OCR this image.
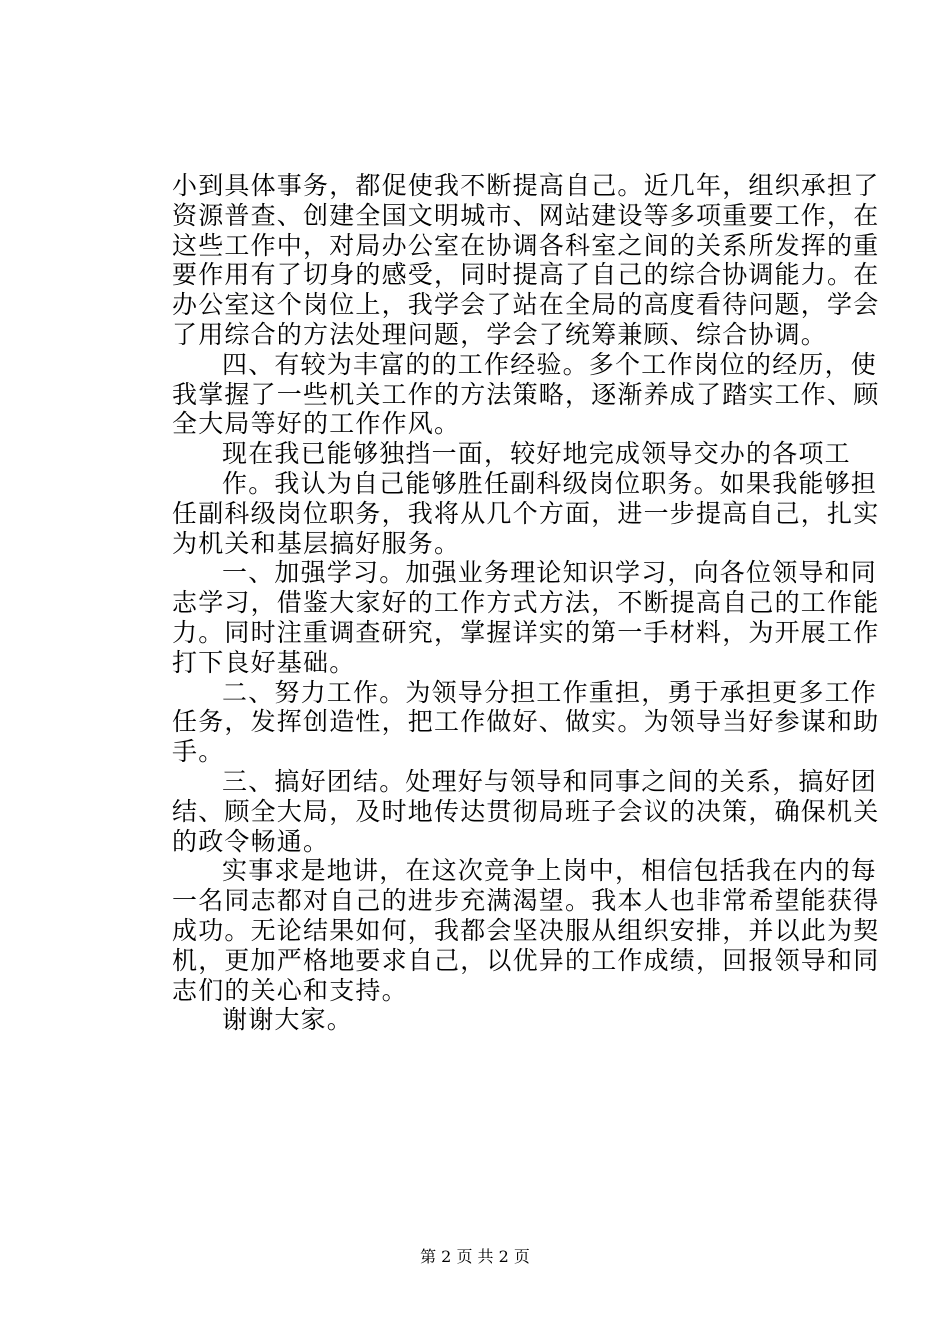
小到具体事务，都促使我不断提高自己。近几年，组织承担了
资源普查、创建全国文明城市、网站建设等多项重要工作，在
这些工作中，对局办公室在协调各科室之间的关系所发挥的重
要作用有了切身的感受，同时提高了自己的综合协调能力。在
办公室这个岗位上，我学会了站在全局的高度看待问题，学会
了用综合的方法处理问题，学会了统筹兼顾、综合协调。
四、有较为丰富的的工作经验。多个工作岗位的经历，使
我掌握了一些机关工作的方法策略，逐渐养成了踏实工作、顾
全大局等好的工作作风。
现在我已能够独挡一面，较好地完成领导交办的各项工
作。我认为自己能够胜任副科级岗位职务。如果我能够担
任副科级岗位职务，我将从几个方面，进一步提高自己，扎实
为机关和基层搞好服务。
一、加强学习。加强业务理论知识学习，向各位领导和同
志学习，借鉴大家好的工作方式方法，不断提高自己的工作能
力。同时注重调查研究，掌握详实的第一手材料，为开展工作
打下良好基础。
二、努力工作。为领导分担工作重担，勇于承担更多工作
任务，发挥创造性，把工作做好、做实。为领导当好参谋和助
手。
三、搞好团结。处理好与领导和同事之间的关系，搞好团
结、顾全大局，及时地传达贯彻局班子会议的决策，确保机关
的政令畅通。
实事求是地讲，在这次竞争上岗中，相信包括我在内的每
一名同志都对自己的进步充满渴望。我本人也非常希望能获得
成功。无论结果如何，我都会坚决服从组织安排，并以此为契
机，更加严格地要求自己，以优异的工作成绩，回报领导和同
志们的关心和支持。
谢谢大家。
第 2 页 共 2 页
